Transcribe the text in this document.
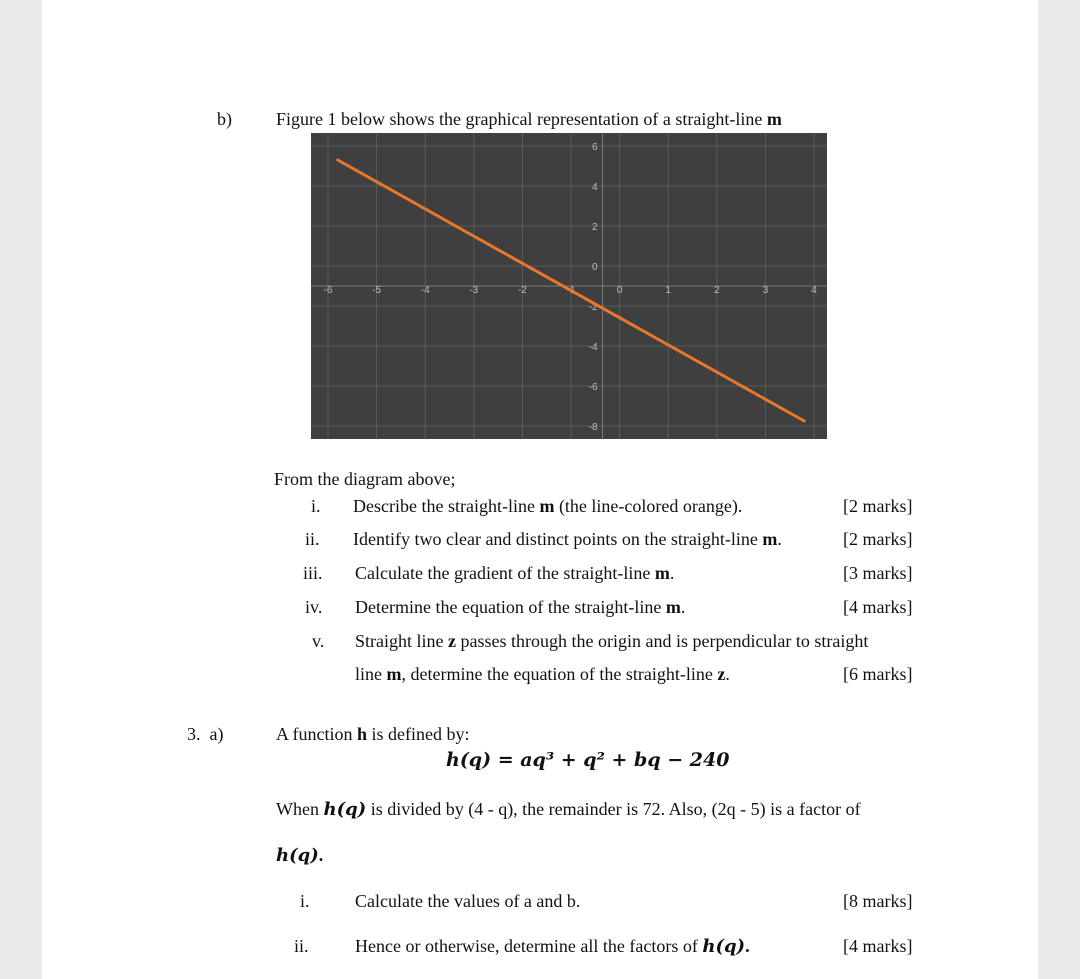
b) Figure 1 below shows the graphical representation of a straight-line m
-6	-5	-4	-3	-2	-1	0	1	2	3	4
6
4
2
0
-2
-4
-6
-8
From the diagram above;
i. Describe the straight-line m (the line-colored orange).	[2 marks]
ii. Identify two clear and distinct points on the straight-line m.	[2 marks]
iii. Calculate the gradient of the straight-line m.	[3 marks]
iv. Determine the equation of the straight-line m.	[4 marks]
v. Straight line z passes through the origin and is perpendicular to straight
line m, determine the equation of the straight-line z.	[6 marks]
3.  a)	A function h is defined by:
h(q) = aq³ + q² + bq − 240
When h(q) is divided by (4 - q), the remainder is 72. Also, (2q - 5) is a factor of
h(q).
i.	Calculate the values of a and b.	[8 marks]
ii.	Hence or otherwise, determine all the factors of h(q).	[4 marks]
